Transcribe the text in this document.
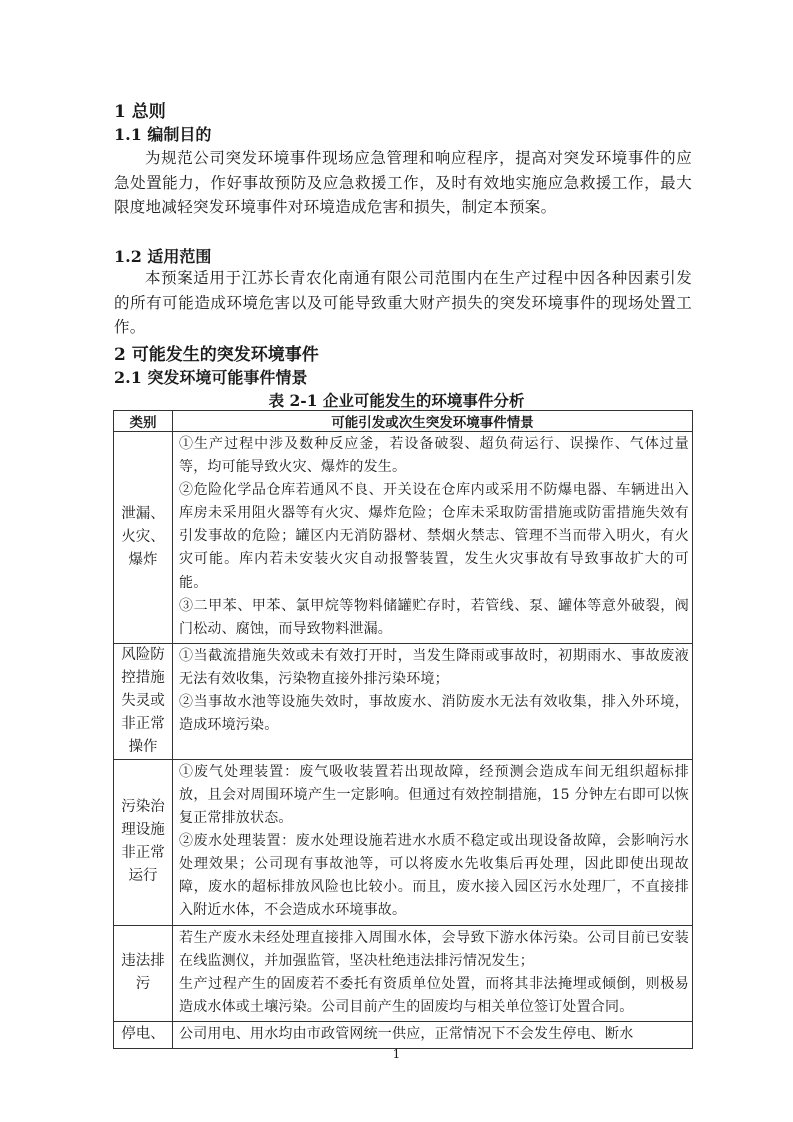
1 总则
1.1 编制目的
为规范公司突发环境事件现场应急管理和响应程序，提高对突发环境事件的应急处置能力，作好事故预防及应急救援工作，及时有效地实施应急救援工作，最大限度地减轻突发环境事件对环境造成危害和损失，制定本预案。
1.2 适用范围
本预案适用于江苏长青农化南通有限公司范围内在生产过程中因各种因素引发的所有可能造成环境危害以及可能导致重大财产损失的突发环境事件的现场处置工作。
2 可能发生的突发环境事件
2.1 突发环境可能事件情景
表 2-1 企业可能发生的环境事件分析
类别	可能引发或次生突发环境事件情景
泄漏、火灾、爆炸	①生产过程中涉及数种反应釜，若设备破裂、超负荷运行、误操作、气体过量等，均可能导致火灾、爆炸的发生。
②危险化学品仓库若通风不良、开关设在仓库内或采用不防爆电器、车辆进出入库房未采用阻火器等有火灾、爆炸危险；仓库未采取防雷措施或防雷措施失效有引发事故的危险；罐区内无消防器材、禁烟火禁志、管理不当而带入明火，有火灾可能。库内若未安装火灾自动报警装置，发生火灾事故有导致事故扩大的可能。
③二甲苯、甲苯、氯甲烷等物料储罐贮存时，若管线、泵、罐体等意外破裂，阀门松动、腐蚀，而导致物料泄漏。
风险防控措施失灵或非正常操作	①当截流措施失效或未有效打开时，当发生降雨或事故时，初期雨水、事故废液无法有效收集，污染物直接外排污染环境；
②当事故水池等设施失效时，事故废水、消防废水无法有效收集，排入外环境，造成环境污染。
污染治理设施非正常运行	①废气处理装置：废气吸收装置若出现故障，经预测会造成车间无组织超标排放，且会对周围环境产生一定影响。但通过有效控制措施，15 分钟左右即可以恢复正常排放状态。
②废水处理装置：废水处理设施若进水水质不稳定或出现设备故障，会影响污水处理效果；公司现有事故池等，可以将废水先收集后再处理，因此即使出现故障，废水的超标排放风险也比较小。而且，废水接入园区污水处理厂，不直接排入附近水体，不会造成水环境事故。
违法排污	若生产废水未经处理直接排入周围水体，会导致下游水体污染。公司目前已安装在线监测仪，并加强监管，坚决杜绝违法排污情况发生；
生产过程产生的固废若不委托有资质单位处置，而将其非法掩埋或倾倒，则极易造成水体或土壤污染。公司目前产生的固废均与相关单位签订处置合同。
停电、	公司用电、用水均由市政管网统一供应，正常情况下不会发生停电、断水
1
